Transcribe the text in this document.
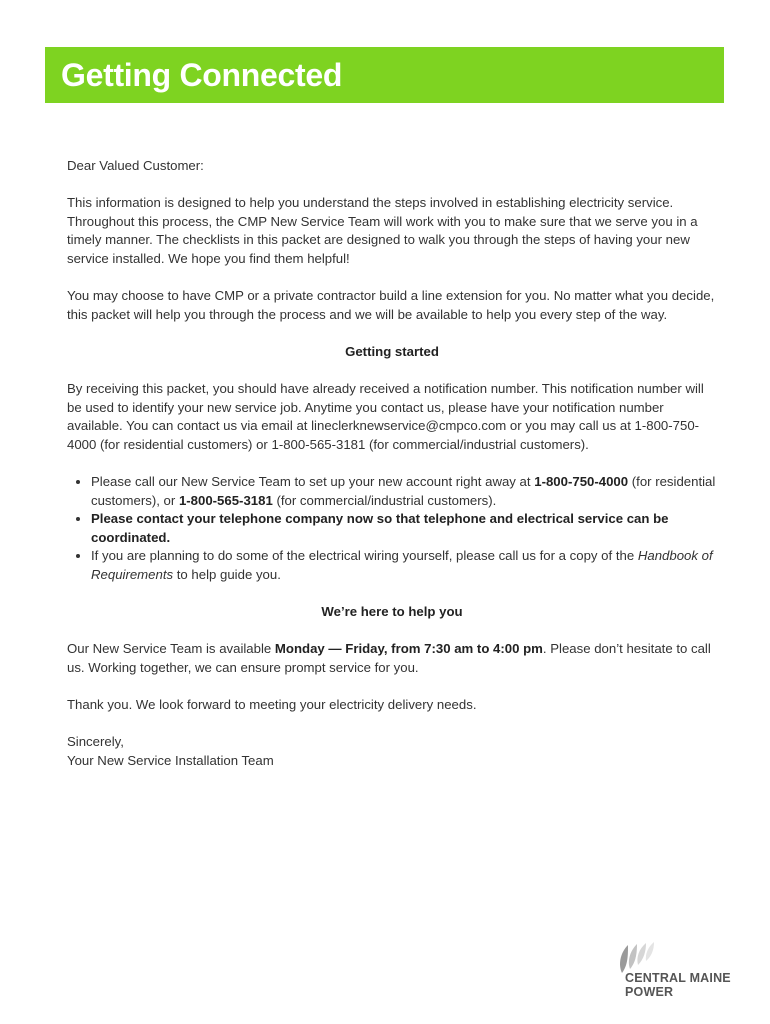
Getting Connected

Dear Valued Customer:

This information is designed to help you understand the steps involved in establishing electricity service. Throughout this process, the CMP New Service Team will work with you to make sure that we serve you in a timely manner. The checklists in this packet are designed to walk you through the steps of having your new service installed. We hope you find them helpful!

You may choose to have CMP or a private contractor build a line extension for you. No matter what you decide, this packet will help you through the process and we will be available to help you every step of the way.

Getting started

By receiving this packet, you should have already received a notification number. This notification number will be used to identify your new service job. Anytime you contact us, please have your notification number available. You can contact us via email at lineclerknewservice@cmpco.com or you may call us at 1-800-750-4000 (for residential customers) or 1-800-565-3181 (for commercial/industrial customers).

• Please call our New Service Team to set up your new account right away at 1-800-750-4000 (for residential customers), or 1-800-565-3181 (for commercial/industrial customers).
• Please contact your telephone company now so that telephone and electrical service can be coordinated.
• If you are planning to do some of the electrical wiring yourself, please call us for a copy of the Handbook of Requirements to help guide you.
We’re here to help you

Our New Service Team is available Monday — Friday, from 7:30 am to 4:00 pm. Please don’t hesitate to call us. Working together, we can ensure prompt service for you.

Thank you. We look forward to meeting your electricity delivery needs.

Sincerely,
Your New Service Installation Team

CENTRAL MAINE
POWER
